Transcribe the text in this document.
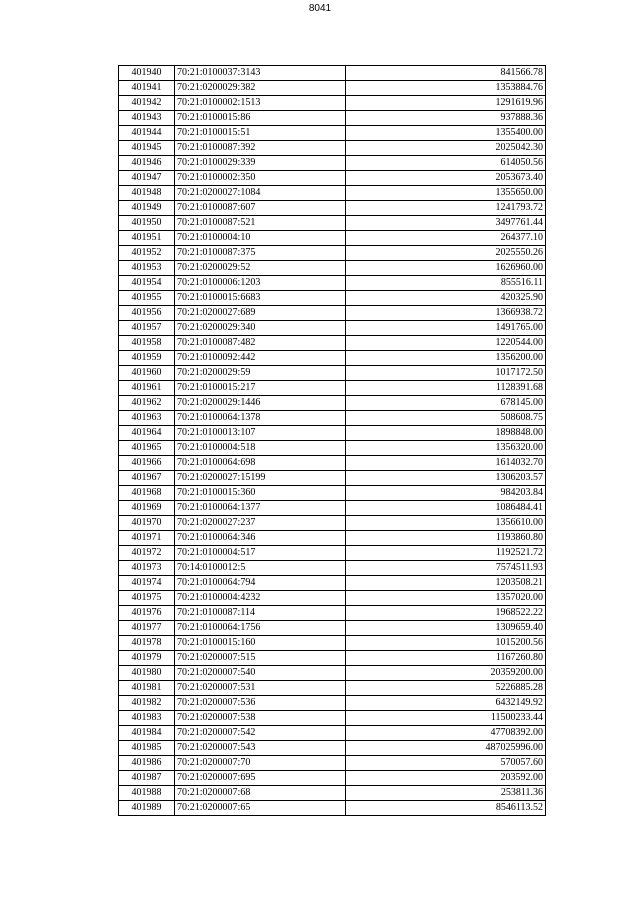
8041
401940	70:21:0100037:3143	841566.78
401941	70:21:0200029:382	1353884.76
401942	70:21:0100002:1513	1291619.96
401943	70:21:0100015:86	937888.36
401944	70:21:0100015:51	1355400.00
401945	70:21:0100087:392	2025042.30
401946	70:21:0100029:339	614050.56
401947	70:21:0100002:350	2053673.40
401948	70:21:0200027:1084	1355650.00
401949	70:21:0100087:607	1241793.72
401950	70:21:0100087:521	3497761.44
401951	70:21:0100004:10	264377.10
401952	70:21:0100087:375	2025550.26
401953	70:21:0200029:52	1626960.00
401954	70:21:0100006:1203	855516.11
401955	70:21:0100015:6683	420325.90
401956	70:21:0200027:689	1366938.72
401957	70:21:0200029:340	1491765.00
401958	70:21:0100087:482	1220544.00
401959	70:21:0100092:442	1356200.00
401960	70:21:0200029:59	1017172.50
401961	70:21:0100015:217	1128391.68
401962	70:21:0200029:1446	678145.00
401963	70:21:0100064:1378	508608.75
401964	70:21:0100013:107	1898848.00
401965	70:21:0100004:518	1356320.00
401966	70:21:0100064:698	1614032.70
401967	70:21:0200027:15199	1306203.57
401968	70:21:0100015:360	984203.84
401969	70:21:0100064:1377	1086484.41
401970	70:21:0200027:237	1356610.00
401971	70:21:0100064:346	1193860.80
401972	70:21:0100004:517	1192521.72
401973	70:14:0100012:5	7574511.93
401974	70:21:0100064:794	1203508.21
401975	70:21:0100004:4232	1357020.00
401976	70:21:0100087:114	1968522.22
401977	70:21:0100064:1756	1309659.40
401978	70:21:0100015:160	1015200.56
401979	70:21:0200007:515	1167260.80
401980	70:21:0200007:540	20359200.00
401981	70:21:0200007:531	5226885.28
401982	70:21:0200007:536	6432149.92
401983	70:21:0200007:538	11500233.44
401984	70:21:0200007:542	47708392.00
401985	70:21:0200007:543	487025996.00
401986	70:21:0200007:70	570057.60
401987	70:21:0200007:695	203592.00
401988	70:21:0200007:68	253811.36
401989	70:21:0200007:65	8546113.52
